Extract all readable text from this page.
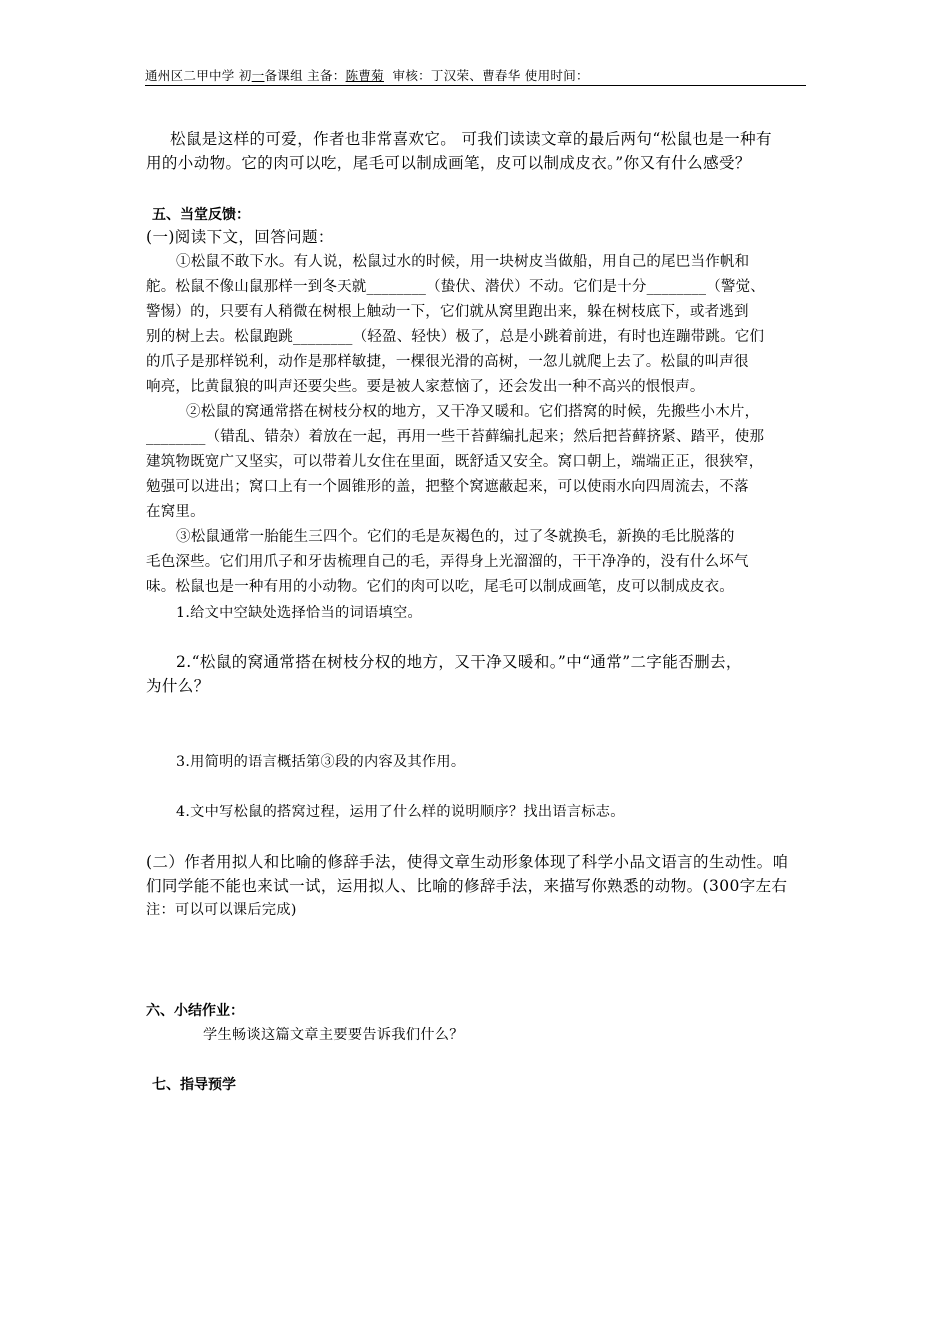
通州区二甲中学 初一备课组 主备：陈曹菊 审核：丁汉荣、曹春华 使用时间：
松鼠是这样的可爱，作者也非常喜欢它。 可我们读读文章的最后两句“松鼠也是一种有
用的小动物。它的肉可以吃，尾毛可以制成画笔，皮可以制成皮衣。”你又有什么感受？
五、当堂反馈：
(一)阅读下文，回答问题：
①松鼠不敢下水。有人说，松鼠过水的时候，用一块树皮当做船，用自己的尾巴当作帆和
舵。松鼠不像山鼠那样一到冬天就________（蛰伏、潜伏）不动。它们是十分________（警觉、
警惕）的，只要有人稍微在树根上触动一下，它们就从窝里跑出来，躲在树枝底下，或者逃到
别的树上去。松鼠跑跳________（轻盈、轻快）极了，总是小跳着前进，有时也连蹦带跳。它们
的爪子是那样锐利，动作是那样敏捷，一棵很光滑的高树，一忽儿就爬上去了。松鼠的叫声很
响亮，比黄鼠狼的叫声还要尖些。要是被人家惹恼了，还会发出一种不高兴的恨恨声。
②松鼠的窝通常搭在树枝分权的地方，又干净又暖和。它们搭窝的时候，先搬些小木片，
________（错乱、错杂）着放在一起，再用一些干苔藓编扎起来；然后把苔藓挤紧、踏平，使那
建筑物既宽广又坚实，可以带着儿女住在里面，既舒适又安全。窝口朝上，端端正正，很狭窄，
勉强可以进出；窝口上有一个圆锥形的盖，把整个窝遮蔽起来，可以使雨水向四周流去，不落
在窝里。
③松鼠通常一胎能生三四个。它们的毛是灰褐色的，过了冬就换毛，新换的毛比脱落的
毛色深些。它们用爪子和牙齿梳理自己的毛，弄得身上光溜溜的，干干净净的，没有什么坏气
味。松鼠也是一种有用的小动物。它们的肉可以吃，尾毛可以制成画笔，皮可以制成皮衣。
1.给文中空缺处选择恰当的词语填空。
2.“松鼠的窝通常搭在树枝分权的地方，又干净又暖和。”中“通常”二字能否删去，
为什么？
3.用简明的语言概括第③段的内容及其作用。
4.文中写松鼠的搭窝过程，运用了什么样的说明顺序？找出语言标志。
(二）作者用拟人和比喻的修辞手法，使得文章生动形象体现了科学小品文语言的生动性。咱
们同学能不能也来试一试，运用拟人、比喻的修辞手法，来描写你熟悉的动物。(300字左右
注：可以可以课后完成)
六、小结作业：
学生畅谈这篇文章主要要告诉我们什么？
七、指导预学
